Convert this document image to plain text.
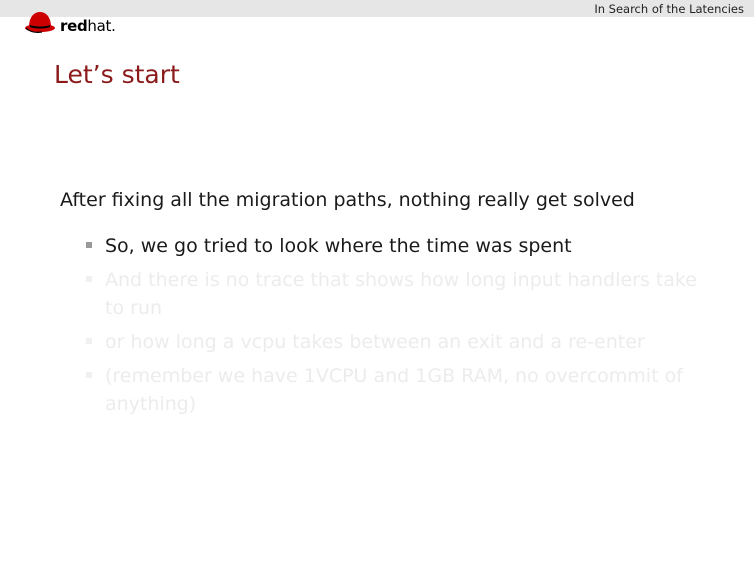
In Search of the Latencies
redhat.
Let’s start
After fixing all the migration paths, nothing really get solved
So, we go tried to look where the time was spent
And there is no trace that shows how long input handlers take to run
or how long a vcpu takes between an exit and a re-enter
(remember we have 1VCPU and 1GB RAM, no overcommit of anything)
